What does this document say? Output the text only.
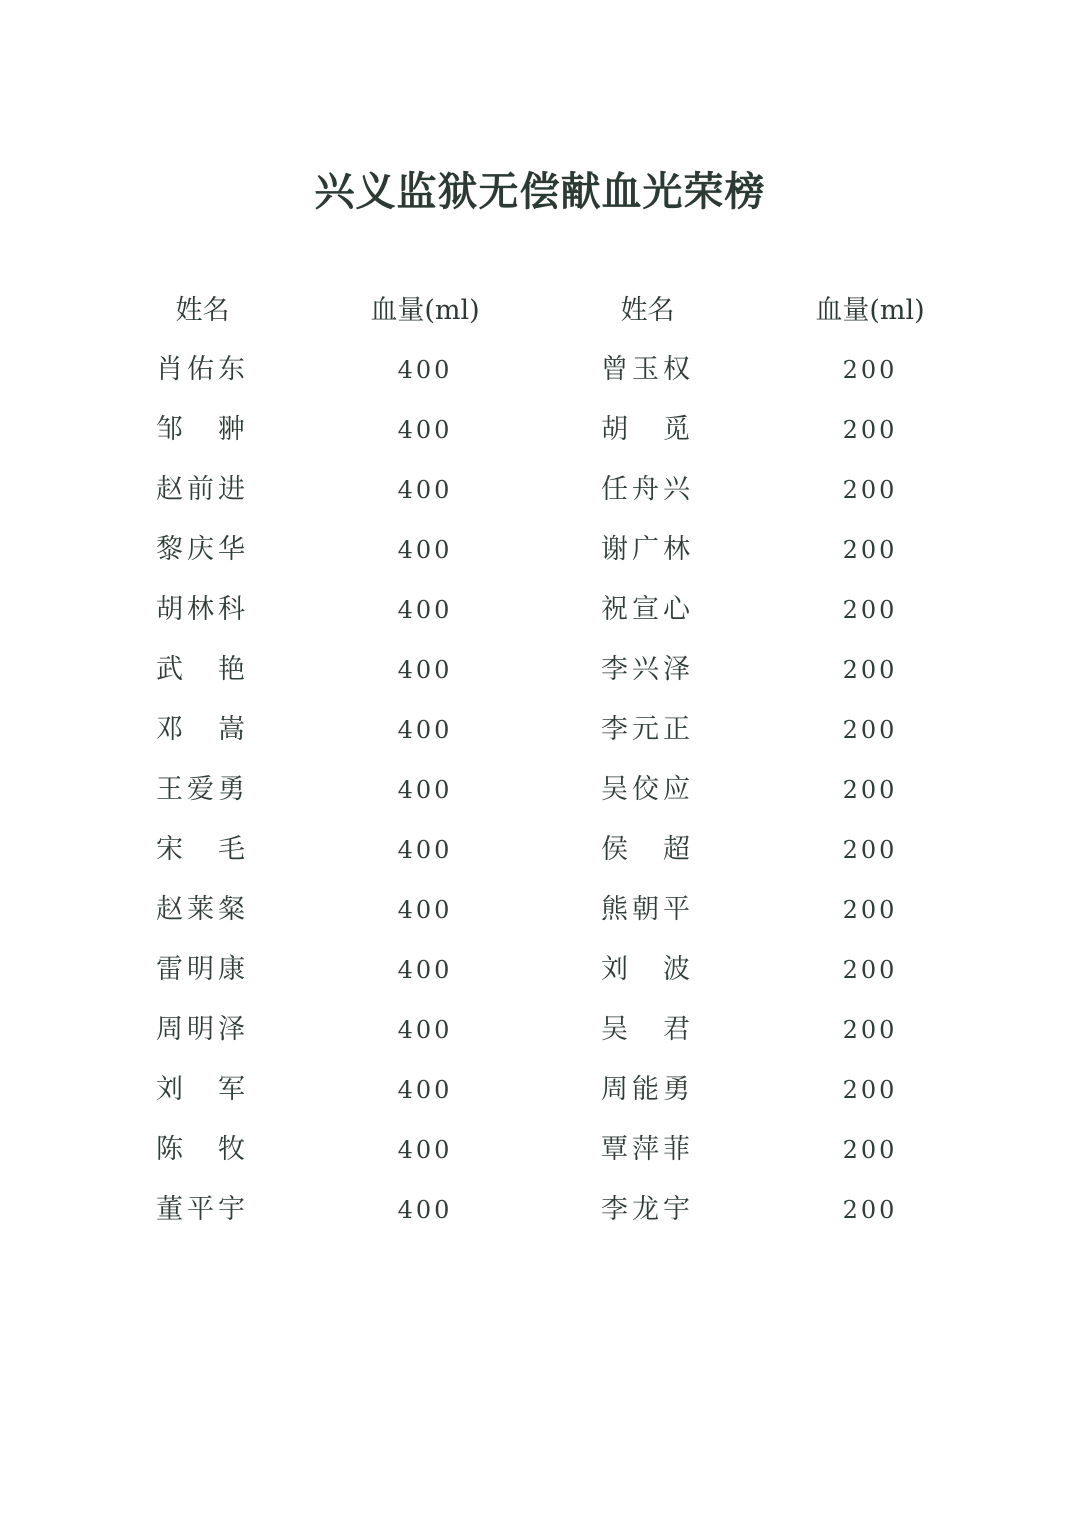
兴义监狱无偿献血光荣榜
姓名
肖佑东
邹　翀
赵前进
黎庆华
胡林科
武　艳
邓　嵩
王爱勇
宋　毛
赵莱粲
雷明康
周明泽
刘　军
陈　牧
董平宇
血量(ml)
400
400
400
400
400
400
400
400
400
400
400
400
400
400
400
姓名
曾玉权
胡　觅
任舟兴
谢广林
祝宣心
李兴泽
李元正
吴佼应
侯　超
熊朝平
刘　波
吴　君
周能勇
覃萍菲
李龙宇
血量(ml)
200
200
200
200
200
200
200
200
200
200
200
200
200
200
200
